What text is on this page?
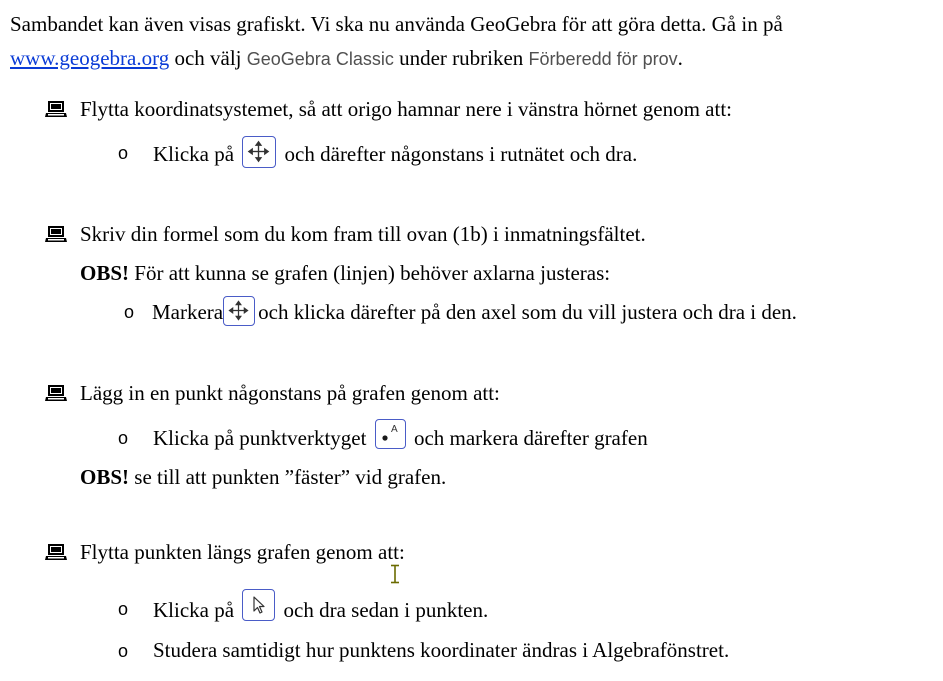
Sambandet kan även visas grafiskt. Vi ska nu använda GeoGebra för att göra detta. Gå in på
www.geogebra.org och välj GeoGebra Classic under rubriken Förberedd för prov.
Flytta koordinatsystemet, så att origo hamnar nere i vänstra hörnet genom att:
o Klicka på och därefter någonstans i rutnätet och dra.
Skriv din formel som du kom fram till ovan (1b) i inmatningsfältet.
OBS! För att kunna se grafen (linjen) behöver axlarna justeras:
o Markera och klicka därefter på den axel som du vill justera och dra i den.
Lägg in en punkt någonstans på grafen genom att:
o Klicka på punktverktyget A och markera därefter grafen
OBS! se till att punkten ”fäster” vid grafen.
Flytta punkten längs grafen genom att:
o Klicka på och dra sedan i punkten.
o Studera samtidigt hur punktens koordinater ändras i Algebrafönstret.
